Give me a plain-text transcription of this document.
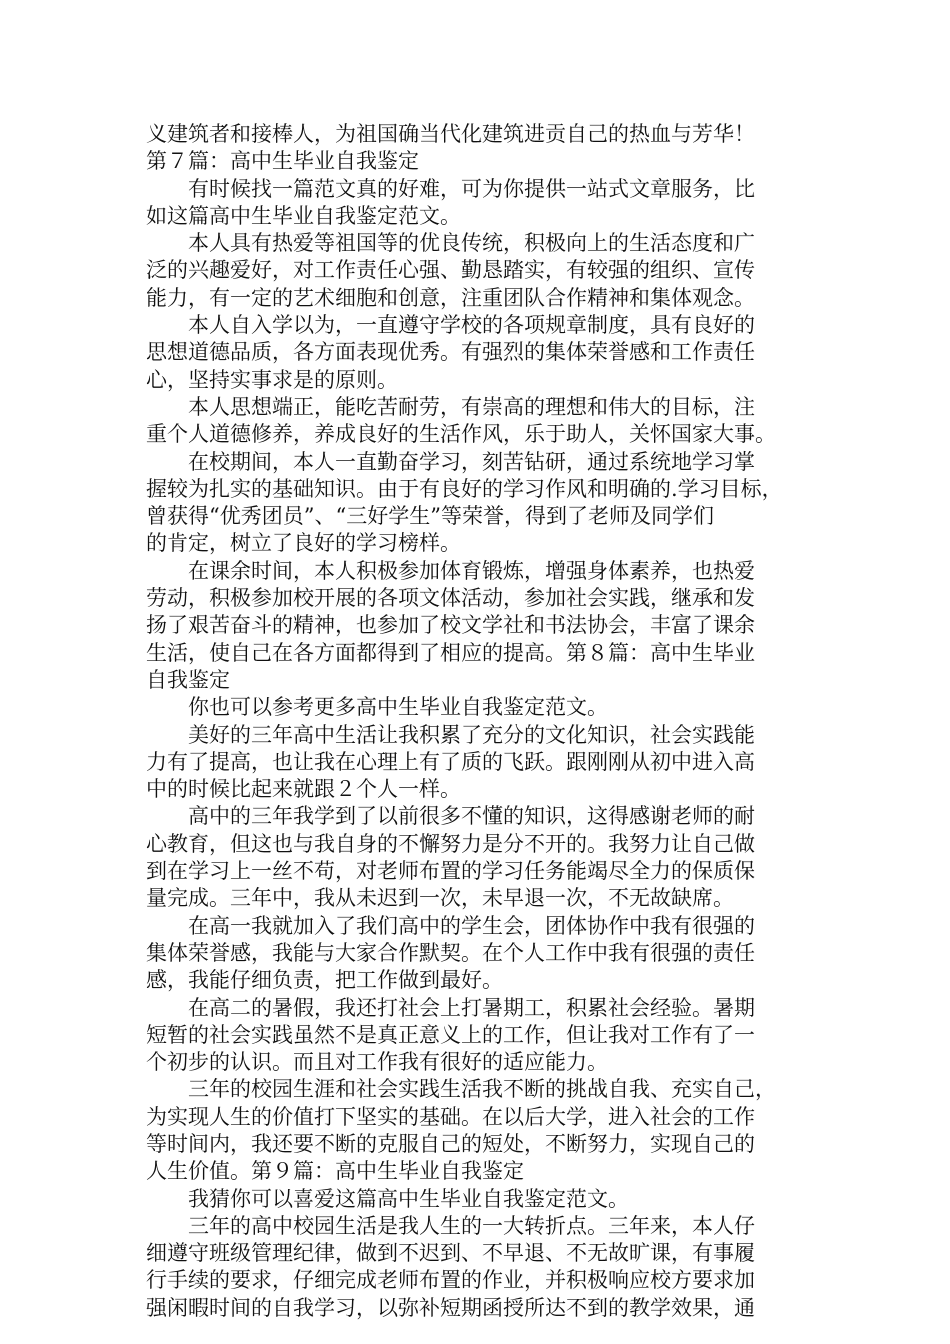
义建筑者和接棒人，为祖国确当代化建筑进贡自己的热血与芳华！
第７篇：高中生毕业自我鉴定
　　有时候找一篇范文真的好难，可为你提供一站式文章服务，比
如这篇高中生毕业自我鉴定范文。
　　本人具有热爱等祖国等的优良传统，积极向上的生活态度和广
泛的兴趣爱好，对工作责任心强、勤恳踏实，有较强的组织、宣传
能力，有一定的艺术细胞和创意，注重团队合作精神和集体观念。
　　本人自入学以为，一直遵守学校的各项规章制度，具有良好的
思想道德品质，各方面表现优秀。有强烈的集体荣誉感和工作责任
心，坚持实事求是的原则。
　　本人思想端正，能吃苦耐劳，有崇高的理想和伟大的目标，注
重个人道德修养，养成良好的生活作风，乐于助人，关怀国家大事。
　　在校期间，本人一直勤奋学习，刻苦钻研，通过系统地学习掌
握较为扎实的基础知识。由于有良好的学习作风和明确的.学习目标，
曾获得“优秀团员”、“三好学生”等荣誉，得到了老师及同学们
的肯定，树立了良好的学习榜样。
　　在课余时间，本人积极参加体育锻炼，增强身体素养，也热爱
劳动，积极参加校开展的各项文体活动，参加社会实践，继承和发
扬了艰苦奋斗的精神，也参加了校文学社和书法协会，丰富了课余
生活，使自己在各方面都得到了相应的提高。第８篇：高中生毕业
自我鉴定
　　你也可以参考更多高中生毕业自我鉴定范文。
　　美好的三年高中生活让我积累了充分的文化知识，社会实践能
力有了提高，也让我在心理上有了质的飞跃。跟刚刚从初中进入高
中的时候比起来就跟２个人一样。
　　高中的三年我学到了以前很多不懂的知识，这得感谢老师的耐
心教育，但这也与我自身的不懈努力是分不开的。我努力让自己做
到在学习上一丝不苟，对老师布置的学习任务能竭尽全力的保质保
量完成。三年中，我从未迟到一次，未早退一次，不无故缺席。
　　在高一我就加入了我们高中的学生会，团体协作中我有很强的
集体荣誉感，我能与大家合作默契。在个人工作中我有很强的责任
感，我能仔细负责，把工作做到最好。
　　在高二的暑假，我还打社会上打暑期工，积累社会经验。暑期
短暂的社会实践虽然不是真正意义上的工作，但让我对工作有了一
个初步的认识。而且对工作我有很好的适应能力。
　　三年的校园生涯和社会实践生活我不断的挑战自我、充实自己，
为实现人生的价值打下坚实的基础。在以后大学，进入社会的工作
等时间内，我还要不断的克服自己的短处，不断努力，实现自己的
人生价值。第９篇：高中生毕业自我鉴定
　　我猜你可以喜爱这篇高中生毕业自我鉴定范文。
　　三年的高中校园生活是我人生的一大转折点。三年来，本人仔
细遵守班级管理纪律，做到不迟到、不早退、不无故旷课，有事履
行手续的要求，仔细完成老师布置的作业，并积极响应校方要求加
强闲暇时间的自我学习，以弥补短期函授所达不到的教学效果，通
